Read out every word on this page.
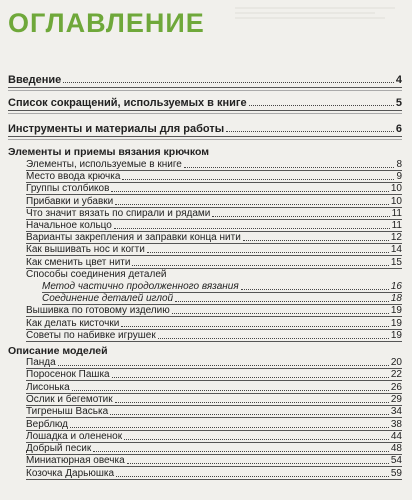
ОГЛАВЛЕНИЕ
Введение	4
Список сокращений, используемых в книге	5
Инструменты и материалы для работы	6
Элементы и приемы вязания крючком
Элементы, используемые в книге	8
Место ввода крючка	9
Группы столбиков	10
Прибавки и убавки	10
Что значит вязать по спирали и рядами	11
Начальное кольцо	11
Варианты закрепления и заправки конца нити	12
Как вышивать нос и когти	14
Как сменить цвет нити	15
Способы соединения деталей
Метод частично продолженного вязания	16
Соединение деталей иглой	18
Вышивка по готовому изделию	19
Как делать кисточки	19
Советы по набивке игрушек	19
Описание моделей
Панда	20
Поросенок Пашка	22
Лисонька	26
Ослик и бегемотик	29
Тигреныш Васька	34
Верблюд	38
Лошадка и олененок	44
Добрый песик	48
Миниатюрная овечка	54
Козочка Дарьюшка	59
